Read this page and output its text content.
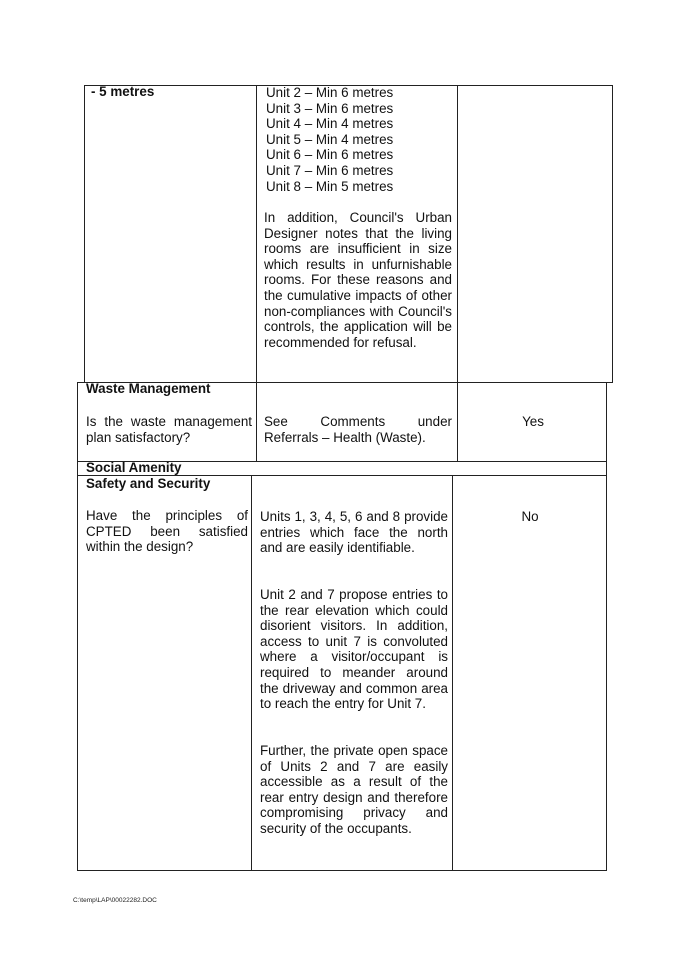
- 5 metres	Unit 2 – Min 6 metres

Unit 3 – Min 6 metres

Unit 4 – Min 4 metres

Unit 5 – Min 4 metres

Unit 6 – Min 6 metres

Unit 7 – Min 6 metres

Unit 8 – Min 5 metres

In addition, Council's Urban Designer notes that the living rooms are insufficient in size which results in unfurnishable rooms. For these reasons and the cumulative impacts of other non-compliances with Council's controls, the application will be recommended for refusal.
Waste Management
Is the waste management plan satisfactory?
See Comments under Referrals – Health (Waste).
Yes
Social Amenity
Safety and Security
Have the principles of CPTED been satisfied within the design?
No
Units 1, 3, 4, 5, 6 and 8 provide entries which face the north and are easily identifiable.
Unit 2 and 7 propose entries to the rear elevation which could disorient visitors. In addition, access to unit 7 is convoluted where a visitor/occupant is required to meander around the driveway and common area to reach the entry for Unit 7.
Further, the private open space of Units 2 and 7 are easily accessible as a result of the rear entry design and therefore compromising privacy and security of the occupants.
C:\temp\LAP\00022282.DOC
